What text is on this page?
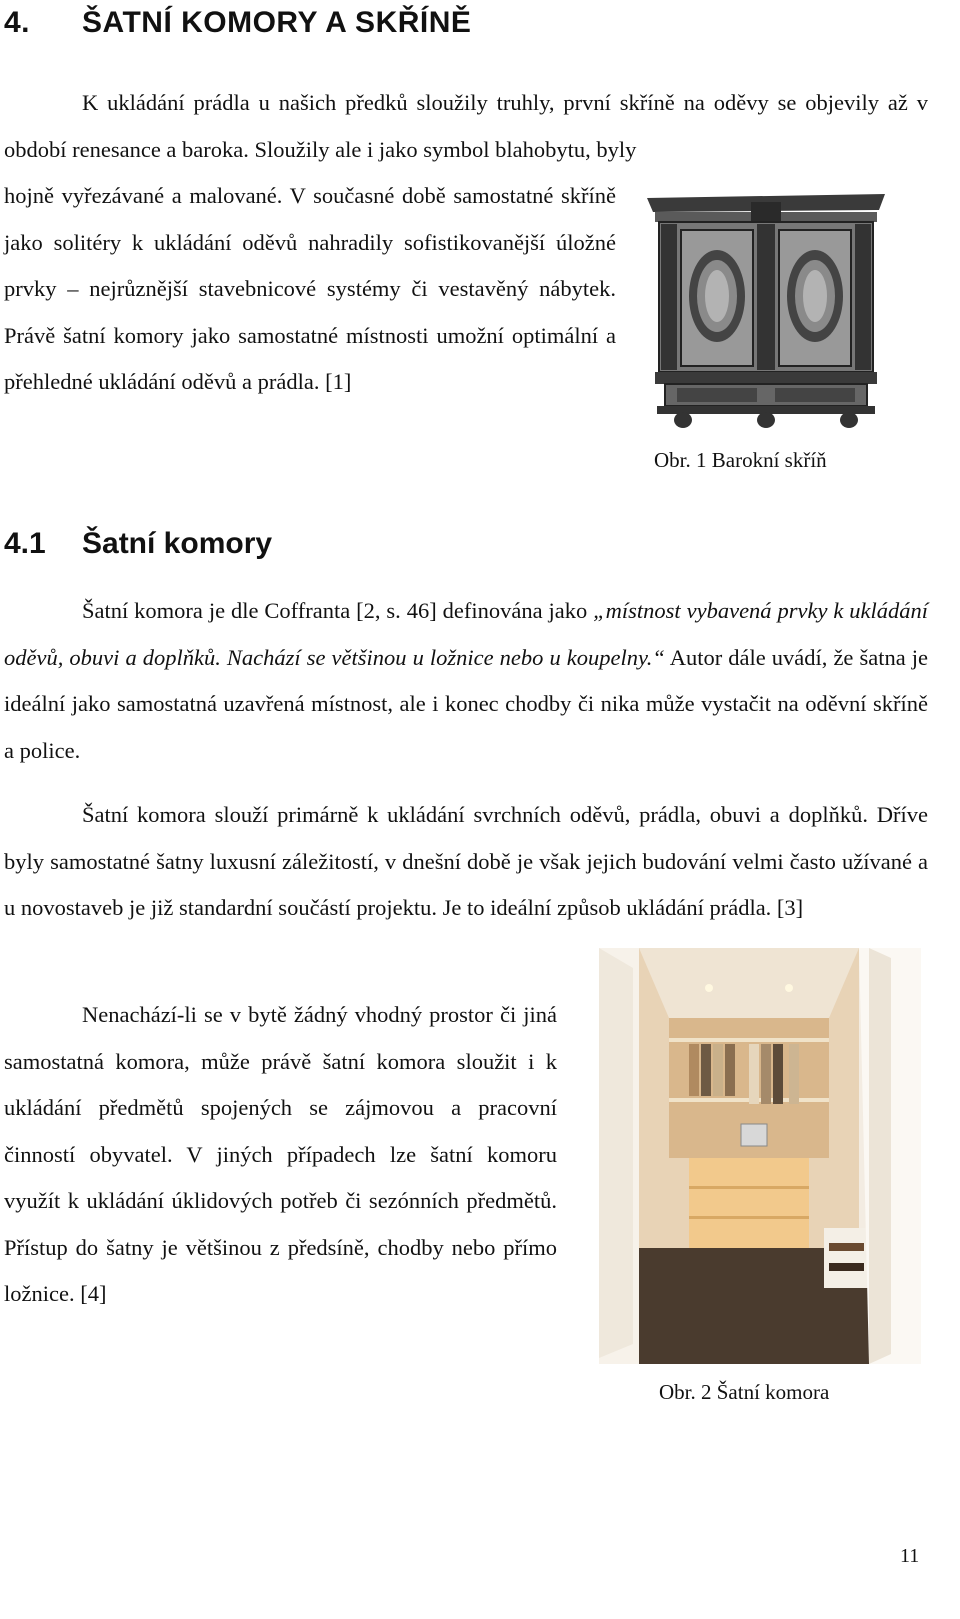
4. ŠATNÍ KOMORY A SKŘÍNĚ

K ukládání prádla u našich předků sloužily truhly, první skříně na oděvy se objevily až v období renesance a baroka. Sloužily ale i jako symbol blahobytu, byly

hojně vyřezávané a malované. V současné době samostatné skříně jako solitéry k ukládání oděvů nahradily sofistikovanější úložné prvky – nejrůznější stavebnicové systémy či vestavěný nábytek. Právě šatní komory jako samostatné místnosti umožní optimální a přehledné ukládání oděvů a prádla. [1]

Obr. 1 Barokní skříň

4.1 Šatní komory

Šatní komora je dle Coffranta [2, s. 46] definována jako „místnost vybavená prvky k ukládání oděvů, obuvi a doplňků. Nachází se většinou u ložnice nebo u koupelny.“ Autor dále uvádí, že šatna je ideální jako samostatná uzavřená místnost, ale i konec chodby či nika může vystačit na oděvní skříně a police.

Šatní komora slouží primárně k ukládání svrchních oděvů, prádla, obuvi a doplňků. Dříve byly samostatné šatny luxusní záležitostí, v dnešní době je však jejich budování velmi často užívané a u novostaveb je již standardní součástí projektu. Je to ideální způsob ukládání prádla. [3]

Nenachází-li se v bytě žádný vhodný prostor či jiná samostatná komora, může právě šatní komora sloužit i k ukládání předmětů spojených se zájmovou a pracovní činností obyvatel. V jiných případech lze šatní komoru využít k ukládání úklidových potřeb či sezónních předmětů. Přístup do šatny je většinou z předsíně, chodby nebo přímo ložnice. [4]

Obr. 2 Šatní komora

11
